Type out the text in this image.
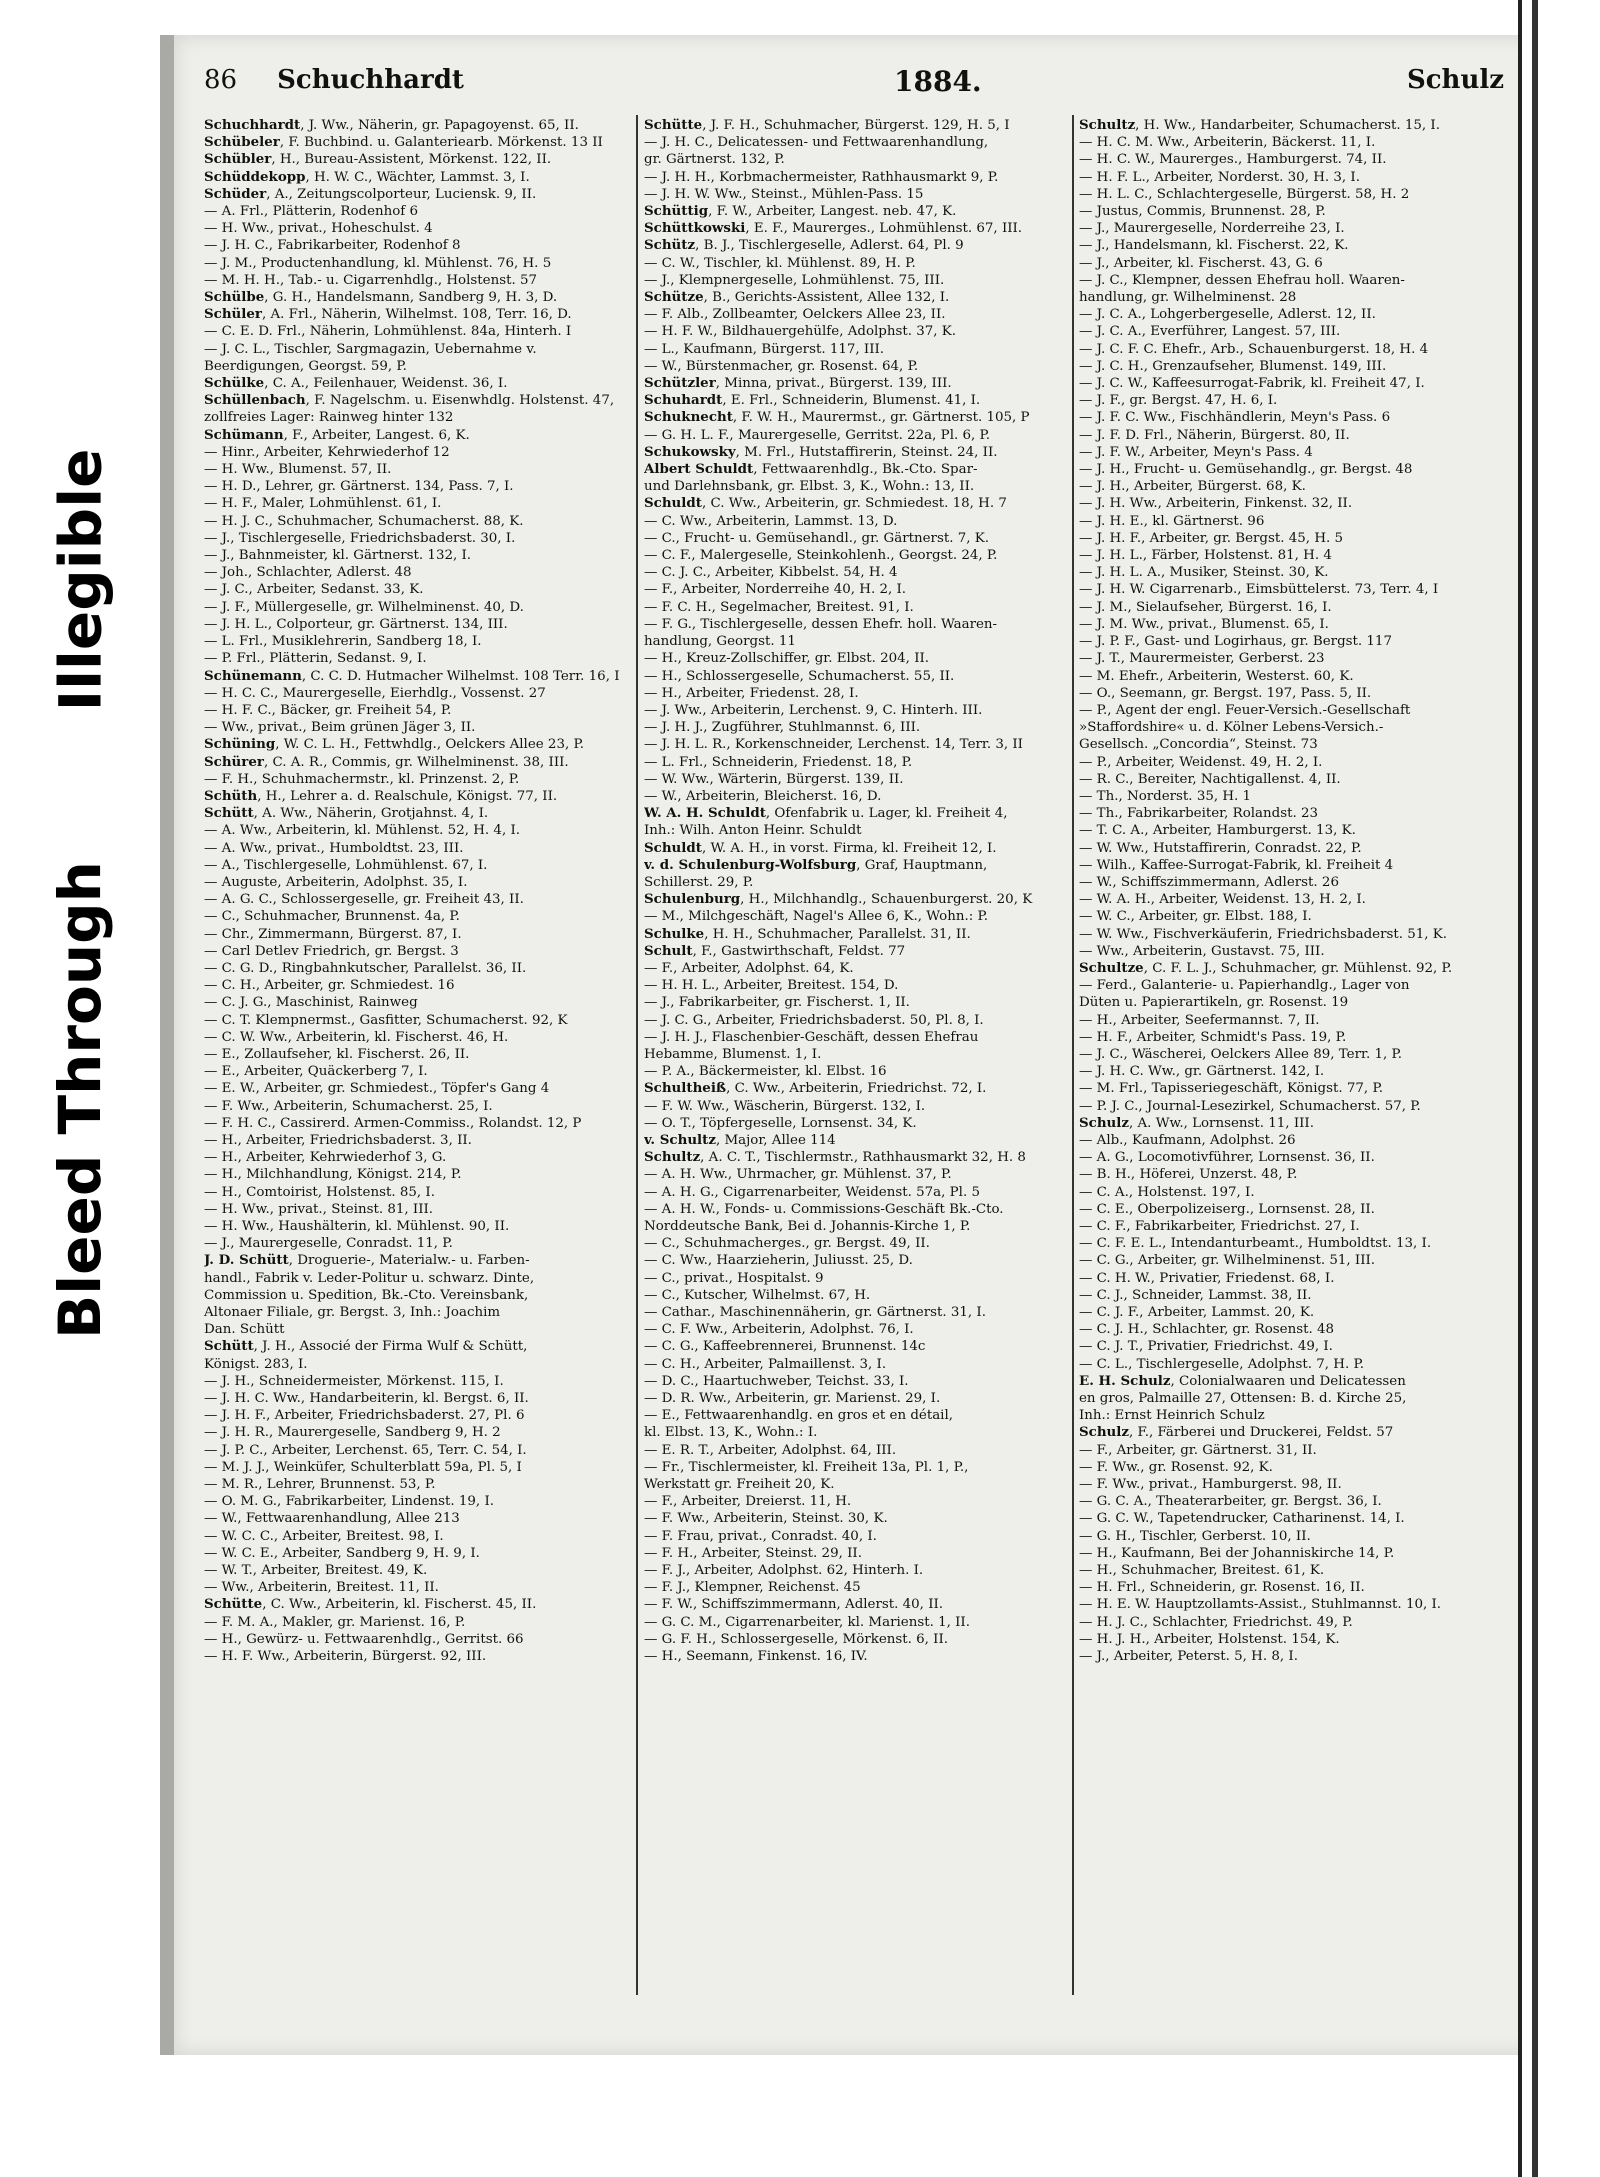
Illegible
Bleed Through
86 Schuchhardt	1884.	Schulz
Schuchhardt, J. Ww., Näherin, gr. Papagoyenst. 65, II.
Schübeler, F. Buchbind. u. Galanteriearb. Mörkenst. 13 II
Schübler, H., Bureau-Assistent, Mörkenst. 122, II.
Schüddekopp, H. W. C., Wächter, Lammst. 3, I.
Schüder, A., Zeitungscolporteur, Luciensk. 9, II.
— A. Frl., Plätterin, Rodenhof 6
— H. Ww., privat., Hoheschulst. 4
— J. H. C., Fabrikarbeiter, Rodenhof 8
— J. M., Productenhandlung, kl. Mühlenst. 76, H. 5
— M. H. H., Tab.- u. Cigarrenhdlg., Holstenst. 57
Schülbe, G. H., Handelsmann, Sandberg 9, H. 3, D.
Schüler, A. Frl., Näherin, Wilhelmst. 108, Terr. 16, D.
— C. E. D. Frl., Näherin, Lohmühlenst. 84a, Hinterh. I
— J. C. L., Tischler, Sargmagazin, Uebernahme v.
Beerdigungen, Georgst. 59, P.
Schülke, C. A., Feilenhauer, Weidenst. 36, I.
Schüllenbach, F. Nagelschm. u. Eisenwhdlg. Holstenst. 47,
zollfreies Lager: Rainweg hinter 132
Schümann, F., Arbeiter, Langest. 6, K.
— Hinr., Arbeiter, Kehrwiederhof 12
— H. Ww., Blumenst. 57, II.
— H. D., Lehrer, gr. Gärtnerst. 134, Pass. 7, I.
— H. F., Maler, Lohmühlenst. 61, I.
— H. J. C., Schuhmacher, Schumacherst. 88, K.
— J., Tischlergeselle, Friedrichsbaderst. 30, I.
— J., Bahnmeister, kl. Gärtnerst. 132, I.
— Joh., Schlachter, Adlerst. 48
— J. C., Arbeiter, Sedanst. 33, K.
— J. F., Müllergeselle, gr. Wilhelminenst. 40, D.
— J. H. L., Colporteur, gr. Gärtnerst. 134, III.
— L. Frl., Musiklehrerin, Sandberg 18, I.
— P. Frl., Plätterin, Sedanst. 9, I.
Schünemann, C. C. D. Hutmacher Wilhelmst. 108 Terr. 16, I
— H. C. C., Maurergeselle, Eierhdlg., Vossenst. 27
— H. F. C., Bäcker, gr. Freiheit 54, P.
— Ww., privat., Beim grünen Jäger 3, II.
Schüning, W. C. L. H., Fettwhdlg., Oelckers Allee 23, P.
Schürer, C. A. R., Commis, gr. Wilhelminenst. 38, III.
— F. H., Schuhmachermstr., kl. Prinzenst. 2, P.
Schüth, H., Lehrer a. d. Realschule, Königst. 77, II.
Schütt, A. Ww., Näherin, Grotjahnst. 4, I.
— A. Ww., Arbeiterin, kl. Mühlenst. 52, H. 4, I.
— A. Ww., privat., Humboldtst. 23, III.
— A., Tischlergeselle, Lohmühlenst. 67, I.
— Auguste, Arbeiterin, Adolphst. 35, I.
— A. G. C., Schlossergeselle, gr. Freiheit 43, II.
— C., Schuhmacher, Brunnenst. 4a, P.
— Chr., Zimmermann, Bürgerst. 87, I.
— Carl Detlev Friedrich, gr. Bergst. 3
— C. G. D., Ringbahnkutscher, Parallelst. 36, II.
— C. H., Arbeiter, gr. Schmiedest. 16
— C. J. G., Maschinist, Rainweg
— C. T. Klempnermst., Gasfitter, Schumacherst. 92, K
— C. W. Ww., Arbeiterin, kl. Fischerst. 46, H.
— E., Zollaufseher, kl. Fischerst. 26, II.
— E., Arbeiter, Quäckerberg 7, I.
— E. W., Arbeiter, gr. Schmiedest., Töpfer's Gang 4
— F. Ww., Arbeiterin, Schumacherst. 25, I.
— F. H. C., Cassirerd. Armen-Commiss., Rolandst. 12, P
— H., Arbeiter, Friedrichsbaderst. 3, II.
— H., Arbeiter, Kehrwiederhof 3, G.
— H., Milchhandlung, Königst. 214, P.
— H., Comtoirist, Holstenst. 85, I.
— H. Ww., privat., Steinst. 81, III.
— H. Ww., Haushälterin, kl. Mühlenst. 90, II.
— J., Maurergeselle, Conradst. 11, P.
J. D. Schütt, Droguerie-, Materialw.- u. Farben-
handl., Fabrik v. Leder-Politur u. schwarz. Dinte,
Commission u. Spedition, Bk.-Cto. Vereinsbank,
Altonaer Filiale, gr. Bergst. 3, Inh.: Joachim
Dan. Schütt
Schütt, J. H., Associé der Firma Wulf & Schütt,
Königst. 283, I.
— J. H., Schneidermeister, Mörkenst. 115, I.
— J. H. C. Ww., Handarbeiterin, kl. Bergst. 6, II.
— J. H. F., Arbeiter, Friedrichsbaderst. 27, Pl. 6
— J. H. R., Maurergeselle, Sandberg 9, H. 2
— J. P. C., Arbeiter, Lerchenst. 65, Terr. C. 54, I.
— M. J. J., Weinküfer, Schulterblatt 59a, Pl. 5, I
— M. R., Lehrer, Brunnenst. 53, P.
— O. M. G., Fabrikarbeiter, Lindenst. 19, I.
— W., Fettwaarenhandlung, Allee 213
— W. C. C., Arbeiter, Breitest. 98, I.
— W. C. E., Arbeiter, Sandberg 9, H. 9, I.
— W. T., Arbeiter, Breitest. 49, K.
— Ww., Arbeiterin, Breitest. 11, II.
Schütte, C. Ww., Arbeiterin, kl. Fischerst. 45, II.
— F. M. A., Makler, gr. Marienst. 16, P.
— H., Gewürz- u. Fettwaarenhdlg., Gerritst. 66
— H. F. Ww., Arbeiterin, Bürgerst. 92, III.
Schütte, J. F. H., Schuhmacher, Bürgerst. 129, H. 5, I
— J. H. C., Delicatessen- und Fettwaarenhandlung,
gr. Gärtnerst. 132, P.
— J. H. H., Korbmachermeister, Rathhausmarkt 9, P.
— J. H. W. Ww., Steinst., Mühlen-Pass. 15
Schüttig, F. W., Arbeiter, Langest. neb. 47, K.
Schüttkowski, E. F., Maurerges., Lohmühlenst. 67, III.
Schütz, B. J., Tischlergeselle, Adlerst. 64, Pl. 9
— C. W., Tischler, kl. Mühlenst. 89, H. P.
— J., Klempnergeselle, Lohmühlenst. 75, III.
Schütze, B., Gerichts-Assistent, Allee 132, I.
— F. Alb., Zollbeamter, Oelckers Allee 23, II.
— H. F. W., Bildhauergehülfe, Adolphst. 37, K.
— L., Kaufmann, Bürgerst. 117, III.
— W., Bürstenmacher, gr. Rosenst. 64, P.
Schützler, Minna, privat., Bürgerst. 139, III.
Schuhardt, E. Frl., Schneiderin, Blumenst. 41, I.
Schuknecht, F. W. H., Maurermst., gr. Gärtnerst. 105, P
— G. H. L. F., Maurergeselle, Gerritst. 22a, Pl. 6, P.
Schukowsky, M. Frl., Hutstaffirerin, Steinst. 24, II.
Albert Schuldt, Fettwaarenhdlg., Bk.-Cto. Spar-
und Darlehnsbank, gr. Elbst. 3, K., Wohn.: 13, II.
Schuldt, C. Ww., Arbeiterin, gr. Schmiedest. 18, H. 7
— C. Ww., Arbeiterin, Lammst. 13, D.
— C., Frucht- u. Gemüsehandl., gr. Gärtnerst. 7, K.
— C. F., Malergeselle, Steinkohlenh., Georgst. 24, P.
— C. J. C., Arbeiter, Kibbelst. 54, H. 4
— F., Arbeiter, Norderreihe 40, H. 2, I.
— F. C. H., Segelmacher, Breitest. 91, I.
— F. G., Tischlergeselle, dessen Ehefr. holl. Waaren-
handlung, Georgst. 11
— H., Kreuz-Zollschiffer, gr. Elbst. 204, II.
— H., Schlossergeselle, Schumacherst. 55, II.
— H., Arbeiter, Friedenst. 28, I.
— J. Ww., Arbeiterin, Lerchenst. 9, C. Hinterh. III.
— J. H. J., Zugführer, Stuhlmannst. 6, III.
— J. H. L. R., Korkenschneider, Lerchenst. 14, Terr. 3, II
— L. Frl., Schneiderin, Friedenst. 18, P.
— W. Ww., Wärterin, Bürgerst. 139, II.
— W., Arbeiterin, Bleicherst. 16, D.
W. A. H. Schuldt, Ofenfabrik u. Lager, kl. Freiheit 4,
Inh.: Wilh. Anton Heinr. Schuldt
Schuldt, W. A. H., in vorst. Firma, kl. Freiheit 12, I.
v. d. Schulenburg-Wolfsburg, Graf, Hauptmann,
Schillerst. 29, P.
Schulenburg, H., Milchhandlg., Schauenburgerst. 20, K
— M., Milchgeschäft, Nagel's Allee 6, K., Wohn.: P.
Schulke, H. H., Schuhmacher, Parallelst. 31, II.
Schult, F., Gastwirthschaft, Feldst. 77
— F., Arbeiter, Adolphst. 64, K.
— H. H. L., Arbeiter, Breitest. 154, D.
— J., Fabrikarbeiter, gr. Fischerst. 1, II.
— J. C. G., Arbeiter, Friedrichsbaderst. 50, Pl. 8, I.
— J. H. J., Flaschenbier-Geschäft, dessen Ehefrau
Hebamme, Blumenst. 1, I.
— P. A., Bäckermeister, kl. Elbst. 16
Schultheiß, C. Ww., Arbeiterin, Friedrichst. 72, I.
— F. W. Ww., Wäscherin, Bürgerst. 132, I.
— O. T., Töpfergeselle, Lornsenst. 34, K.
v. Schultz, Major, Allee 114
Schultz, A. C. T., Tischlermstr., Rathhausmarkt 32, H. 8
— A. H. Ww., Uhrmacher, gr. Mühlenst. 37, P.
— A. H. G., Cigarrenarbeiter, Weidenst. 57a, Pl. 5
— A. H. W., Fonds- u. Commissions-Geschäft Bk.-Cto.
Norddeutsche Bank, Bei d. Johannis-Kirche 1, P.
— C., Schuhmacherges., gr. Bergst. 49, II.
— C. Ww., Haarzieherin, Juliusst. 25, D.
— C., privat., Hospitalst. 9
— C., Kutscher, Wilhelmst. 67, H.
— Cathar., Maschinennäherin, gr. Gärtnerst. 31, I.
— C. F. Ww., Arbeiterin, Adolphst. 76, I.
— C. G., Kaffeebrennerei, Brunnenst. 14c
— C. H., Arbeiter, Palmaillenst. 3, I.
— D. C., Haartuchweber, Teichst. 33, I.
— D. R. Ww., Arbeiterin, gr. Marienst. 29, I.
— E., Fettwaarenhandlg. en gros et en détail,
kl. Elbst. 13, K., Wohn.: I.
— E. R. T., Arbeiter, Adolphst. 64, III.
— Fr., Tischlermeister, kl. Freiheit 13a, Pl. 1, P.,
Werkstatt gr. Freiheit 20, K.
— F., Arbeiter, Dreierst. 11, H.
— F. Ww., Arbeiterin, Steinst. 30, K.
— F. Frau, privat., Conradst. 40, I.
— F. H., Arbeiter, Steinst. 29, II.
— F. J., Arbeiter, Adolphst. 62, Hinterh. I.
— F. J., Klempner, Reichenst. 45
— F. W., Schiffszimmermann, Adlerst. 40, II.
— G. C. M., Cigarrenarbeiter, kl. Marienst. 1, II.
— G. F. H., Schlossergeselle, Mörkenst. 6, II.
— H., Seemann, Finkenst. 16, IV.
Schultz, H. Ww., Handarbeiter, Schumacherst. 15, I.
— H. C. M. Ww., Arbeiterin, Bäckerst. 11, I.
— H. C. W., Maurerges., Hamburgerst. 74, II.
— H. F. L., Arbeiter, Norderst. 30, H. 3, I.
— H. L. C., Schlachtergeselle, Bürgerst. 58, H. 2
— Justus, Commis, Brunnenst. 28, P.
— J., Maurergeselle, Norderreihe 23, I.
— J., Handelsmann, kl. Fischerst. 22, K.
— J., Arbeiter, kl. Fischerst. 43, G. 6
— J. C., Klempner, dessen Ehefrau holl. Waaren-
handlung, gr. Wilhelminenst. 28
— J. C. A., Lohgerbergeselle, Adlerst. 12, II.
— J. C. A., Everführer, Langest. 57, III.
— J. C. F. C. Ehefr., Arb., Schauenburgerst. 18, H. 4
— J. C. H., Grenzaufseher, Blumenst. 149, III.
— J. C. W., Kaffeesurrogat-Fabrik, kl. Freiheit 47, I.
— J. F., gr. Bergst. 47, H. 6, I.
— J. F. C. Ww., Fischhändlerin, Meyn's Pass. 6
— J. F. D. Frl., Näherin, Bürgerst. 80, II.
— J. F. W., Arbeiter, Meyn's Pass. 4
— J. H., Frucht- u. Gemüsehandlg., gr. Bergst. 48
— J. H., Arbeiter, Bürgerst. 68, K.
— J. H. Ww., Arbeiterin, Finkenst. 32, II.
— J. H. E., kl. Gärtnerst. 96
— J. H. F., Arbeiter, gr. Bergst. 45, H. 5
— J. H. L., Färber, Holstenst. 81, H. 4
— J. H. L. A., Musiker, Steinst. 30, K.
— J. H. W. Cigarrenarb., Eimsbüttelerst. 73, Terr. 4, I
— J. M., Sielaufseher, Bürgerst. 16, I.
— J. M. Ww., privat., Blumenst. 65, I.
— J. P. F., Gast- und Logirhaus, gr. Bergst. 117
— J. T., Maurermeister, Gerberst. 23
— M. Ehefr., Arbeiterin, Westerst. 60, K.
— O., Seemann, gr. Bergst. 197, Pass. 5, II.
— P., Agent der engl. Feuer-Versich.-Gesellschaft
»Staffordshire« u. d. Kölner Lebens-Versich.-
Gesellsch. „Concordia“, Steinst. 73
— P., Arbeiter, Weidenst. 49, H. 2, I.
— R. C., Bereiter, Nachtigallenst. 4, II.
— Th., Norderst. 35, H. 1
— Th., Fabrikarbeiter, Rolandst. 23
— T. C. A., Arbeiter, Hamburgerst. 13, K.
— W. Ww., Hutstaffirerin, Conradst. 22, P.
— Wilh., Kaffee-Surrogat-Fabrik, kl. Freiheit 4
— W., Schiffszimmermann, Adlerst. 26
— W. A. H., Arbeiter, Weidenst. 13, H. 2, I.
— W. C., Arbeiter, gr. Elbst. 188, I.
— W. Ww., Fischverkäuferin, Friedrichsbaderst. 51, K.
— Ww., Arbeiterin, Gustavst. 75, III.
Schultze, C. F. L. J., Schuhmacher, gr. Mühlenst. 92, P.
— Ferd., Galanterie- u. Papierhandlg., Lager von
Düten u. Papierartikeln, gr. Rosenst. 19
— H., Arbeiter, Seefermannst. 7, II.
— H. F., Arbeiter, Schmidt's Pass. 19, P.
— J. C., Wäscherei, Oelckers Allee 89, Terr. 1, P.
— J. H. C. Ww., gr. Gärtnerst. 142, I.
— M. Frl., Tapisseriegeschäft, Königst. 77, P.
— P. J. C., Journal-Lesezirkel, Schumacherst. 57, P.
Schulz, A. Ww., Lornsenst. 11, III.
— Alb., Kaufmann, Adolphst. 26
— A. G., Locomotivführer, Lornsenst. 36, II.
— B. H., Höferei, Unzerst. 48, P.
— C. A., Holstenst. 197, I.
— C. E., Oberpolizeiserg., Lornsenst. 28, II.
— C. F., Fabrikarbeiter, Friedrichst. 27, I.
— C. F. E. L., Intendanturbeamt., Humboldtst. 13, I.
— C. G., Arbeiter, gr. Wilhelminenst. 51, III.
— C. H. W., Privatier, Friedenst. 68, I.
— C. J., Schneider, Lammst. 38, II.
— C. J. F., Arbeiter, Lammst. 20, K.
— C. J. H., Schlachter, gr. Rosenst. 48
— C. J. T., Privatier, Friedrichst. 49, I.
— C. L., Tischlergeselle, Adolphst. 7, H. P.
E. H. Schulz, Colonialwaaren und Delicatessen
en gros, Palmaille 27, Ottensen: B. d. Kirche 25,
Inh.: Ernst Heinrich Schulz
Schulz, F., Färberei und Druckerei, Feldst. 57
— F., Arbeiter, gr. Gärtnerst. 31, II.
— F. Ww., gr. Rosenst. 92, K.
— F. Ww., privat., Hamburgerst. 98, II.
— G. C. A., Theaterarbeiter, gr. Bergst. 36, I.
— G. C. W., Tapetendrucker, Catharinenst. 14, I.
— G. H., Tischler, Gerberst. 10, II.
— H., Kaufmann, Bei der Johanniskirche 14, P.
— H., Schuhmacher, Breitest. 61, K.
— H. Frl., Schneiderin, gr. Rosenst. 16, II.
— H. E. W. Hauptzollamts-Assist., Stuhlmannst. 10, I.
— H. J. C., Schlachter, Friedrichst. 49, P.
— H. J. H., Arbeiter, Holstenst. 154, K.
— J., Arbeiter, Peterst. 5, H. 8, I.
